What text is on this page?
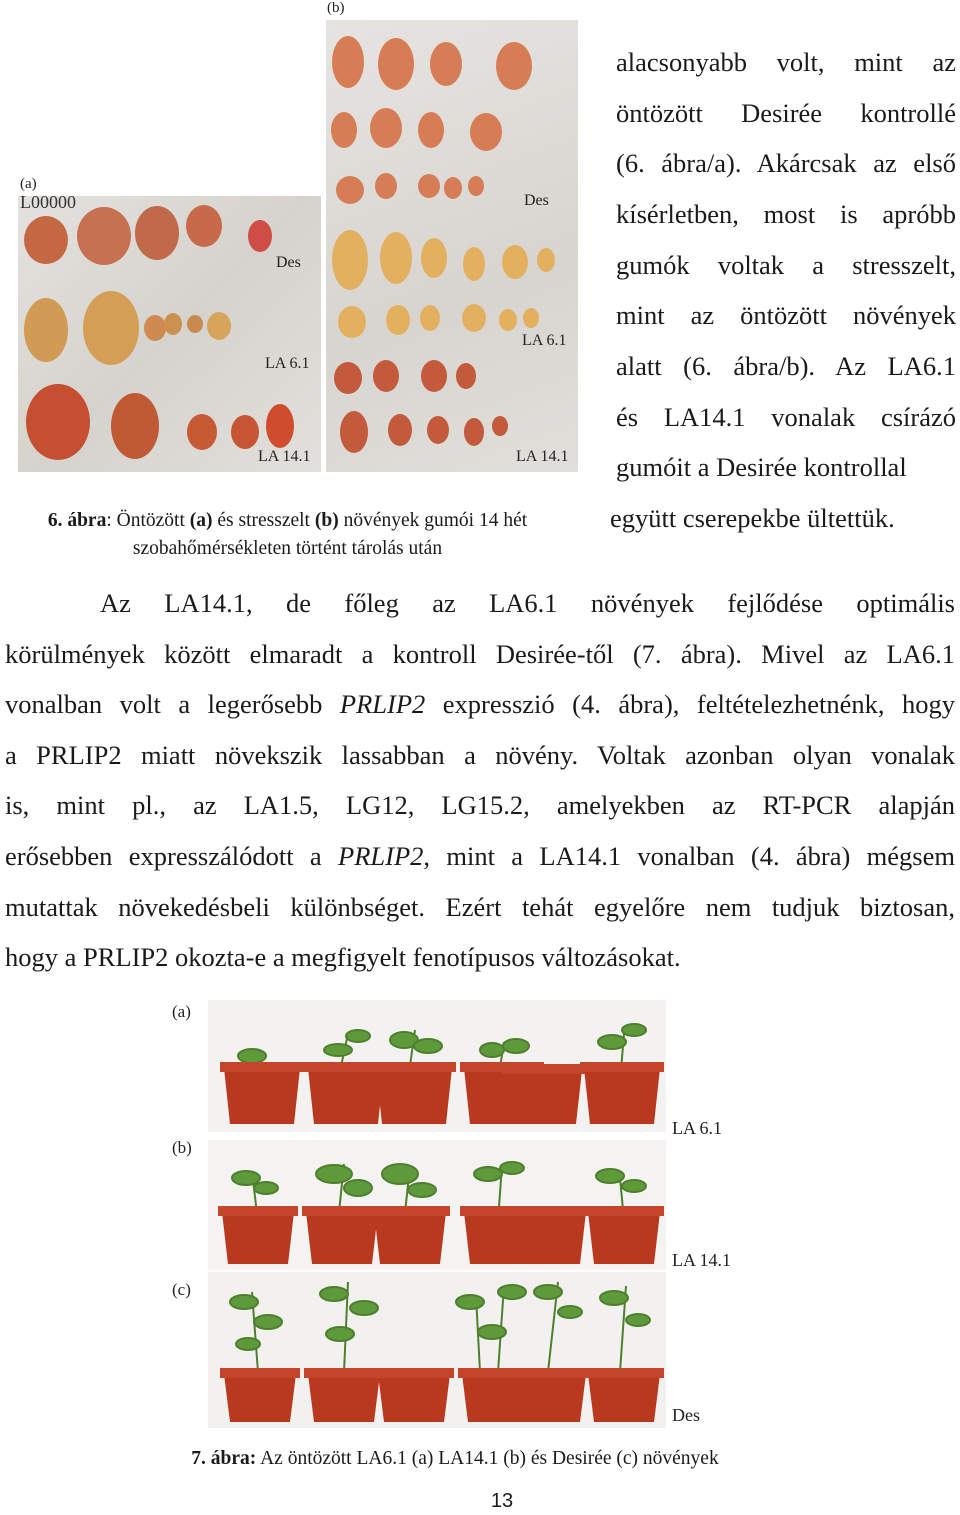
(a)
(b)
L00000
Des
LA 6.1
LA 14.1
Des
LA 6.1
LA 14.1
6. ábra: Öntözött (a) és stresszelt (b) növények gumói 14 hét
szobahőmérsékleten történt tárolás után
alacsonyabb volt, mint az
öntözött Desirée kontrollé
(6. ábra/a). Akárcsak az első
kísérletben, most is apróbb
gumók voltak a stresszelt,
mint az öntözött növények
alatt (6. ábra/b). Az LA6.1
és LA14.1 vonalak csírázó
gumóit a Desirée kontrollal
együtt cserepekbe ültettük.
Az LA14.1, de főleg az LA6.1 növények fejlődése optimális
körülmények között elmaradt a kontroll Desirée-től (7. ábra). Mivel az LA6.1
vonalban volt a legerősebb PRLIP2 expresszió (4. ábra), feltételezhetnénk, hogy
a PRLIP2 miatt növekszik lassabban a növény. Voltak azonban olyan vonalak
is, mint pl., az LA1.5, LG12, LG15.2, amelyekben az RT-PCR alapján
erősebben expresszálódott a PRLIP2, mint a LA14.1 vonalban (4. ábra) mégsem
mutattak növekedésbeli különbséget. Ezért tehát egyelőre nem tudjuk biztosan,
hogy a PRLIP2 okozta-e a megfigyelt fenotípusos változásokat.
(a)
(b)
(c)
LA 6.1
LA 14.1
Des
7. ábra: Az öntözött LA6.1 (a) LA14.1 (b) és Desirée (c) növények
13
